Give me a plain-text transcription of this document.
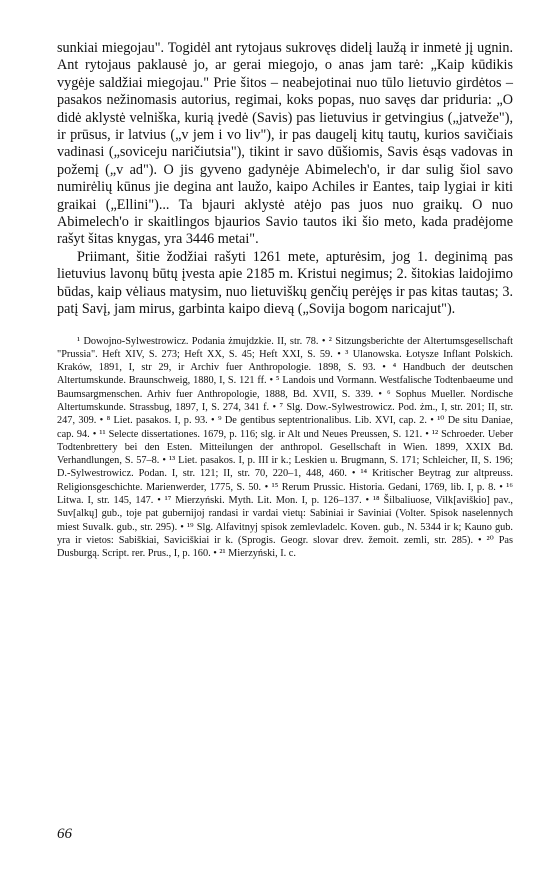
sunkiai miegojau". Togidėl ant rytojaus sukrovęs didelį laužą ir inmetė jį ugnin. Ant rytojaus paklausė jo, ar gerai miegojo, o anas jam tarė: „Kaip kūdikis vygėje saldžiai miegojau." Prie šitos – neabejotinai nuo tūlo lietuvio girdėtos – pasakos nežinomasis autorius, regimai, koks popas, nuo savęs dar priduria: „O didė aklystė velniška, kurią įvedė (Savis) pas lietuvius ir getvingius („jatveže"), ir prūsus, ir latvius („v jem i vo liv"), ir pas daugelį kitų tautų, kurios savičiais vadinasi („soviceju naričiutsia"), tikint ir savo dūšiomis, Savis ėsąs vadovas in požemį („v ad"). O jis gyveno gadynėje Abimelech'o, ir dar sulig šiol savo numirėlių kūnus jie degina ant laužo, kaipo Achiles ir Eantes, taip lygiai ir kiti graikai („Ellini")... Ta bjauri aklystė atėjo pas juos nuo graikų. O nuo Abimelech'o ir skaitlingos bjaurios Savio tautos iki šio meto, kada pradėjome rašyt šitas knygas, yra 3446 metai".

Priimant, šitie žodžiai rašyti 1261 mete, apturėsim, jog 1. deginimą pas lietuvius lavonų būtų įvesta apie 2185 m. Kristui negimus; 2. šitokias laidojimo būdas, kaip vėliaus matysim, nuo lietuviškų genčių perėjęs ir pas kitas tautas; 3. patį Savį, jam mirus, garbinta kaipo dievą („Sovija bogom naricajut").

¹ Dowojno-Sylwestrowicz. Podania żmujdzkie. II, str. 78. • ² Sitzungsberichte der Altertumsgesellschaft "Prussia". Heft XIV, S. 273; Heft XX, S. 45; Heft XXI, S. 59. • ³ Ulanowska. Łotysze Inflant Polskich. Kraków, 1891, I, str 29, ir Archiv fuer Anthropologie. 1898, S. 93. • ⁴ Handbuch der deutschen Altertumskunde. Braunschweig, 1880, I, S. 121 ff. • ⁵ Landois und Vormann. Westfalische Todtenbaeume und Baumsargmenschen. Arhiv fuer Anthropologie, 1888, Bd. XVII, S. 339. • ⁶ Sophus Mueller. Nordische Altertumskunde. Strassbug, 1897, I, S. 274, 341 f. • ⁷ Slg. Dow.-Sylwestrowicz. Pod. żm., I, str. 201; II, str. 247, 309. • ⁸ Liet. pasakos. I, p. 93. • ⁹ De gentibus septentrionalibus. Lib. XVI, cap. 2. • ¹⁰ De situ Daniae, cap. 94. • ¹¹ Selecte dissertationes. 1679, p. 116; slg. ir Alt und Neues Preussen, S. 121. • ¹² Schroeder. Ueber Todtenbrettery bei den Esten. Mitteilungen der anthropol. Gesellschaft in Wien. 1899, XXIX Bd. Verhandlungen, S. 57–8. • ¹³ Liet. pasakos. I, p. III ir k.; Leskien u. Brugmann, S. 171; Schleicher, II, S. 196; D.-Sylwestrowicz. Podan. I, str. 121; II, str. 70, 220–1, 448, 460. • ¹⁴ Kritischer Beytrag zur altpreuss. Religionsgeschichte. Marienwerder, 1775, S. 50. • ¹⁵ Rerum Prussic. Historia. Gedani, 1769, lib. I, p. 8. • ¹⁶ Litwa. I, str. 145, 147. • ¹⁷ Mierzyński. Myth. Lit. Mon. I, p. 126–137. • ¹⁸ Šilbaliuose, Vilk[aviškio] pav., Suv[alkų] gub., toje pat gubernijoj randasi ir vardai vietų: Sabiniai ir Saviniai (Volter. Spisok naselennych miest Suvalk. gub., str. 295). • ¹⁹ Slg. Alfavitnyj spisok zemlevladelc. Koven. gub., N. 5344 ir k; Kauno gub. yra ir vietos: Sabiškiai, Saviciškiai ir k. (Sprogis. Geogr. slovar drev. žemoit. zemli, str. 285). • ²⁰ Pas Dusburgą. Script. rer. Prus., I, p. 160. • ²¹ Mierzyński, I. c.
66
